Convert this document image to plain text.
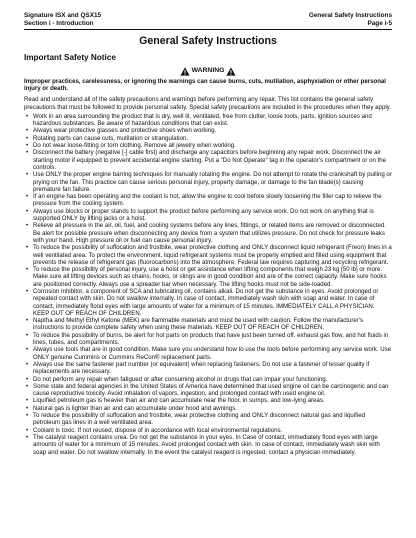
Signature ISX and QSX15
Section i - Introduction
General Safety Instructions
Page i-5
General Safety Instructions
Important Safety Notice
WARNING
Improper practices, carelessness, or ignoring the warnings can cause burns, cuts, mutilation, asphyxiation or other personal injury or death.
Read and understand all of the safety precautions and warnings before performing any repair. This list contains the general safety precautions that must be followed to provide personal safety. Special safety precautions are included in the procedures when they apply.
• Work in an area surrounding the product that is dry, well lit, ventilated, free from clutter, loose tools, parts, ignition sources and hazardous substances. Be aware of hazardous conditions that can exist.
• Always wear protective glasses and protective shoes when working.
• Rotating parts can cause cuts, mutilation or strangulation.
• Do not wear loose-fitting or torn clothing. Remove all jewelry when working.
• Disconnect the battery (negative [-] cable first) and discharge any capacitors before beginning any repair work. Disconnect the air starting motor if equipped to prevent accidental engine starting. Put a "Do Not Operate" tag in the operator's compartment or on the controls.
• Use ONLY the proper engine barring techniques for manually rotating the engine. Do not attempt to rotate the crankshaft by pulling or prying on the fan. This practice can cause serious personal injury, property damage, or damage to the fan blade(s) causing premature fan failure.
• If an engine has been operating and the coolant is hot, allow the engine to cool before slowly loosening the filler cap to relieve the pressure from the cooling system.
• Always use blocks or proper stands to support the product before performing any service work. Do not work on anything that is supported ONLY by lifting jacks or a hoist.
• Relieve all pressure in the air, oil, fuel, and cooling systems before any lines, fittings, or related items are removed or disconnected. Be alert for possible pressure when disconnecting any device from a system that utilizes pressure. Do not check for pressure leaks with your hand. High pressure oil or fuel can cause personal injury.
• To reduce the possibility of suffocation and frostbite, wear protective clothing and ONLY disconnect liquid refrigerant (Freon) lines in a well ventilated area. To protect the environment, liquid refrigerant systems must be properly emptied and filled using equipment that prevents the release of refrigerant gas (fluorocarbons) into the atmosphere. Federal law requires capturing and recycling refrigerant.
• To reduce the possibility of personal injury, use a hoist or get assistance when lifting components that weigh 23 kg [50 lb] or more. Make sure all lifting devices such as chains, hooks, or slings are in good condition and are of the correct capacity. Make sure hooks are positioned correctly. Always use a spreader bar when necessary. The lifting hooks must not be side-loaded.
• Corrosion inhibitor, a component of SCA and lubricating oil, contains alkali. Do not get the substance in eyes. Avoid prolonged or repeated contact with skin. Do not swallow internally. In case of contact, immediately wash skin with soap and water. In case of contact, immediately flood eyes with large amounts of water for a minimum of 15 minutes. IMMEDIATELY CALL A PHYSICIAN. KEEP OUT OF REACH OF CHILDREN.
• Naptha and Methyl Ethyl Ketone (MEK) are flammable materials and must be used with caution. Follow the manufacturer's instructions to provide complete safety when using these materials. KEEP OUT OF REACH OF CHILDREN.
• To reduce the possibility of burns, be alert for hot parts on products that have just been turned off, exhaust gas flow, and hot fluids in lines, tubes, and compartments.
• Always use tools that are in good condition. Make sure you understand how to use the tools before performing any service work. Use ONLY genuine Cummins or Cummins ReCon® replacement parts.
• Always use the same fastener part number (or equivalent) when replacing fasteners. Do not use a fastener of lesser quality if replacements are necessary.
• Do not perform any repair when fatigued or after consuming alcohol or drugs that can impair your functioning.
• Some state and federal agencies in the United States of America have determined that used engine oil can be carcinogenic and can cause reproductive toxicity. Avoid inhalation of vapors, ingestion, and prolonged contact with used engine oil.
• Liquified petroleum gas is heavier than air and can accumulate near the floor, in sumps, and low-lying areas.
• Natural gas is lighter than air and can accumulate under hood and awnings.
• To reduce the possibility of suffocation and frostbite, wear protective clothing and ONLY disconnect natural gas and liquified petroleum gas lines in a well ventilated area.
• Coolant is toxic. If not reused, dispose of in accordance with local environmental regulations.
• The catalyst reagent contains urea. Do not get the substance in your eyes. In Case of contact, immediately flood eyes with large amounts of water for a minimum of 15 minutes. Avoid prolonged contact with skin. In case of contact, immediately wash skin with soap and water. Do not swallow internally. In the event the catalyst reagent is ingested, contact a physician immediately.
